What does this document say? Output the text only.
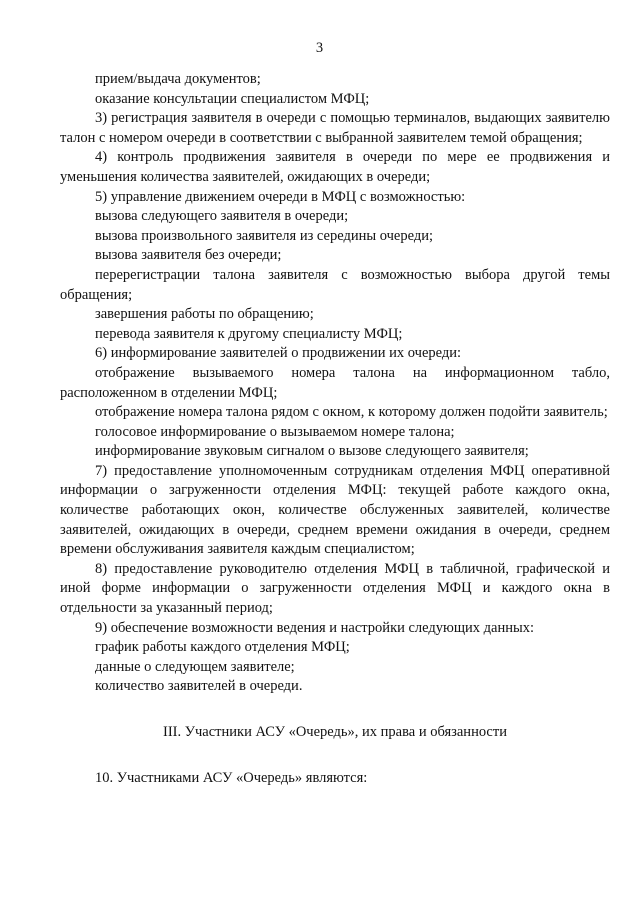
3
прием/выдача документов;
оказание консультации специалистом МФЦ;
3) регистрация заявителя в очереди с помощью терминалов, выдающих заявителю талон с номером очереди в соответствии с выбранной заявителем темой обращения;
4) контроль продвижения заявителя в очереди по мере ее продвижения и уменьшения количества заявителей, ожидающих в очереди;
5) управление движением очереди в МФЦ с возможностью:
вызова следующего заявителя в очереди;
вызова произвольного заявителя из середины очереди;
вызова заявителя без очереди;
перерегистрации талона заявителя с возможностью выбора другой темы обращения;
завершения работы по обращению;
перевода заявителя к другому специалисту МФЦ;
6) информирование заявителей о продвижении их очереди:
отображение вызываемого номера талона на информационном табло, расположенном в отделении МФЦ;
отображение номера талона рядом с окном, к которому должен подойти заявитель;
голосовое информирование о вызываемом номере талона;
информирование звуковым сигналом о вызове следующего заявителя;
7) предоставление уполномоченным сотрудникам отделения МФЦ оперативной информации о загруженности отделения МФЦ: текущей работе каждого окна, количестве работающих окон, количестве обслуженных заявителей, количестве заявителей, ожидающих в очереди, среднем времени ожидания в очереди, среднем времени обслуживания заявителя каждым специалистом;
8) предоставление руководителю отделения МФЦ в табличной, графической и иной форме информации о загруженности отделения МФЦ и каждого окна в отдельности за указанный период;
9) обеспечение возможности ведения и настройки следующих данных:
график работы каждого отделения МФЦ;
данные о следующем заявителе;
количество заявителей в очереди.
III. Участники АСУ «Очередь», их права и обязанности
10. Участниками АСУ «Очередь» являются:
